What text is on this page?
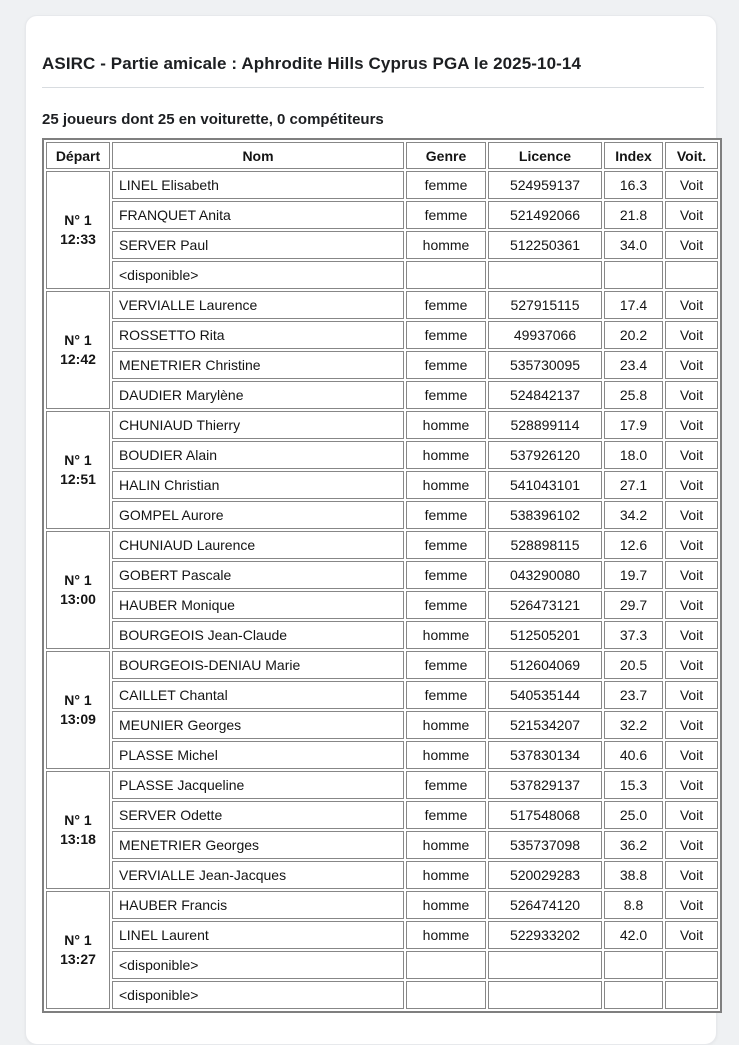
ASIRC - Partie amicale : Aphrodite Hills Cyprus PGA le 2025-10-14

25 joueurs dont 25 en voiturette, 0 compétiteurs

Départ	Nom	Genre	Licence	Index	Voit.

N° 1
12:33	LINEL Elisabeth	femme	524959137	16.3	Voit
	FRANQUET Anita	femme	521492066	21.8	Voit
	SERVER Paul	homme	512250361	34.0	Voit
	<disponible>				

N° 1
12:42	VERVIALLE Laurence	femme	527915115	17.4	Voit
	ROSSETTO Rita	femme	49937066	20.2	Voit
	MENETRIER Christine	femme	535730095	23.4	Voit
	DAUDIER Marylène	femme	524842137	25.8	Voit

N° 1
12:51	CHUNIAUD Thierry	homme	528899114	17.9	Voit
	BOUDIER Alain	homme	537926120	18.0	Voit
	HALIN Christian	homme	541043101	27.1	Voit
	GOMPEL Aurore	femme	538396102	34.2	Voit

N° 1
13:00	CHUNIAUD Laurence	femme	528898115	12.6	Voit
	GOBERT Pascale	femme	043290080	19.7	Voit
	HAUBER Monique	femme	526473121	29.7	Voit
	BOURGEOIS Jean-Claude	homme	512505201	37.3	Voit

N° 1
13:09	BOURGEOIS-DENIAU Marie	femme	512604069	20.5	Voit
	CAILLET Chantal	femme	540535144	23.7	Voit
	MEUNIER Georges	homme	521534207	32.2	Voit
	PLASSE Michel	homme	537830134	40.6	Voit

N° 1
13:18	PLASSE Jacqueline	femme	537829137	15.3	Voit
	SERVER Odette	femme	517548068	25.0	Voit
	MENETRIER Georges	homme	535737098	36.2	Voit
	VERVIALLE Jean-Jacques	homme	520029283	38.8	Voit

N° 1
13:27	HAUBER Francis	homme	526474120	8.8	Voit
	LINEL Laurent	homme	522933202	42.0	Voit
	<disponible>				
	<disponible>				
